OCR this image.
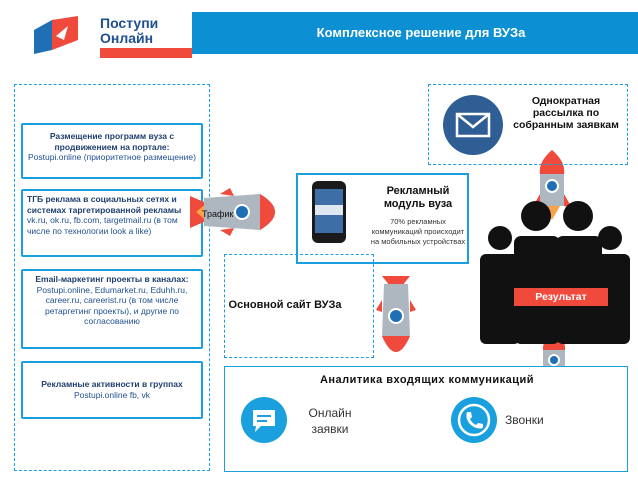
Поступи
Онлайн	Комплексное решение для ВУЗа
Размещение программ вуза с продвижением на портале:
Postupi.online (приоритетное размещение)
ТГБ реклама в социальных сетях и системах таргетированной рекламы
vk.ru, ok.ru, fb.com, targetmail.ru (в том числе по технологии look a like)
Email-маркетинг проекты в каналах:
Postupi.online, Edumarket.ru, Eduhh.ru, career.ru, careerist.ru (в том числе ретаргетинг проекты), и другие по согласованию
Рекламные активности в группах Postupi.online fb, vk
Трафик
Рекламный модуль вуза
70% рекламных коммуникаций происходит на мобильных устройствах
Основной сайт ВУЗа
Однократная рассылка по собранным заявкам
Результат
Аналитика входящих коммуникаций
Онлайн заявки
Звонки
